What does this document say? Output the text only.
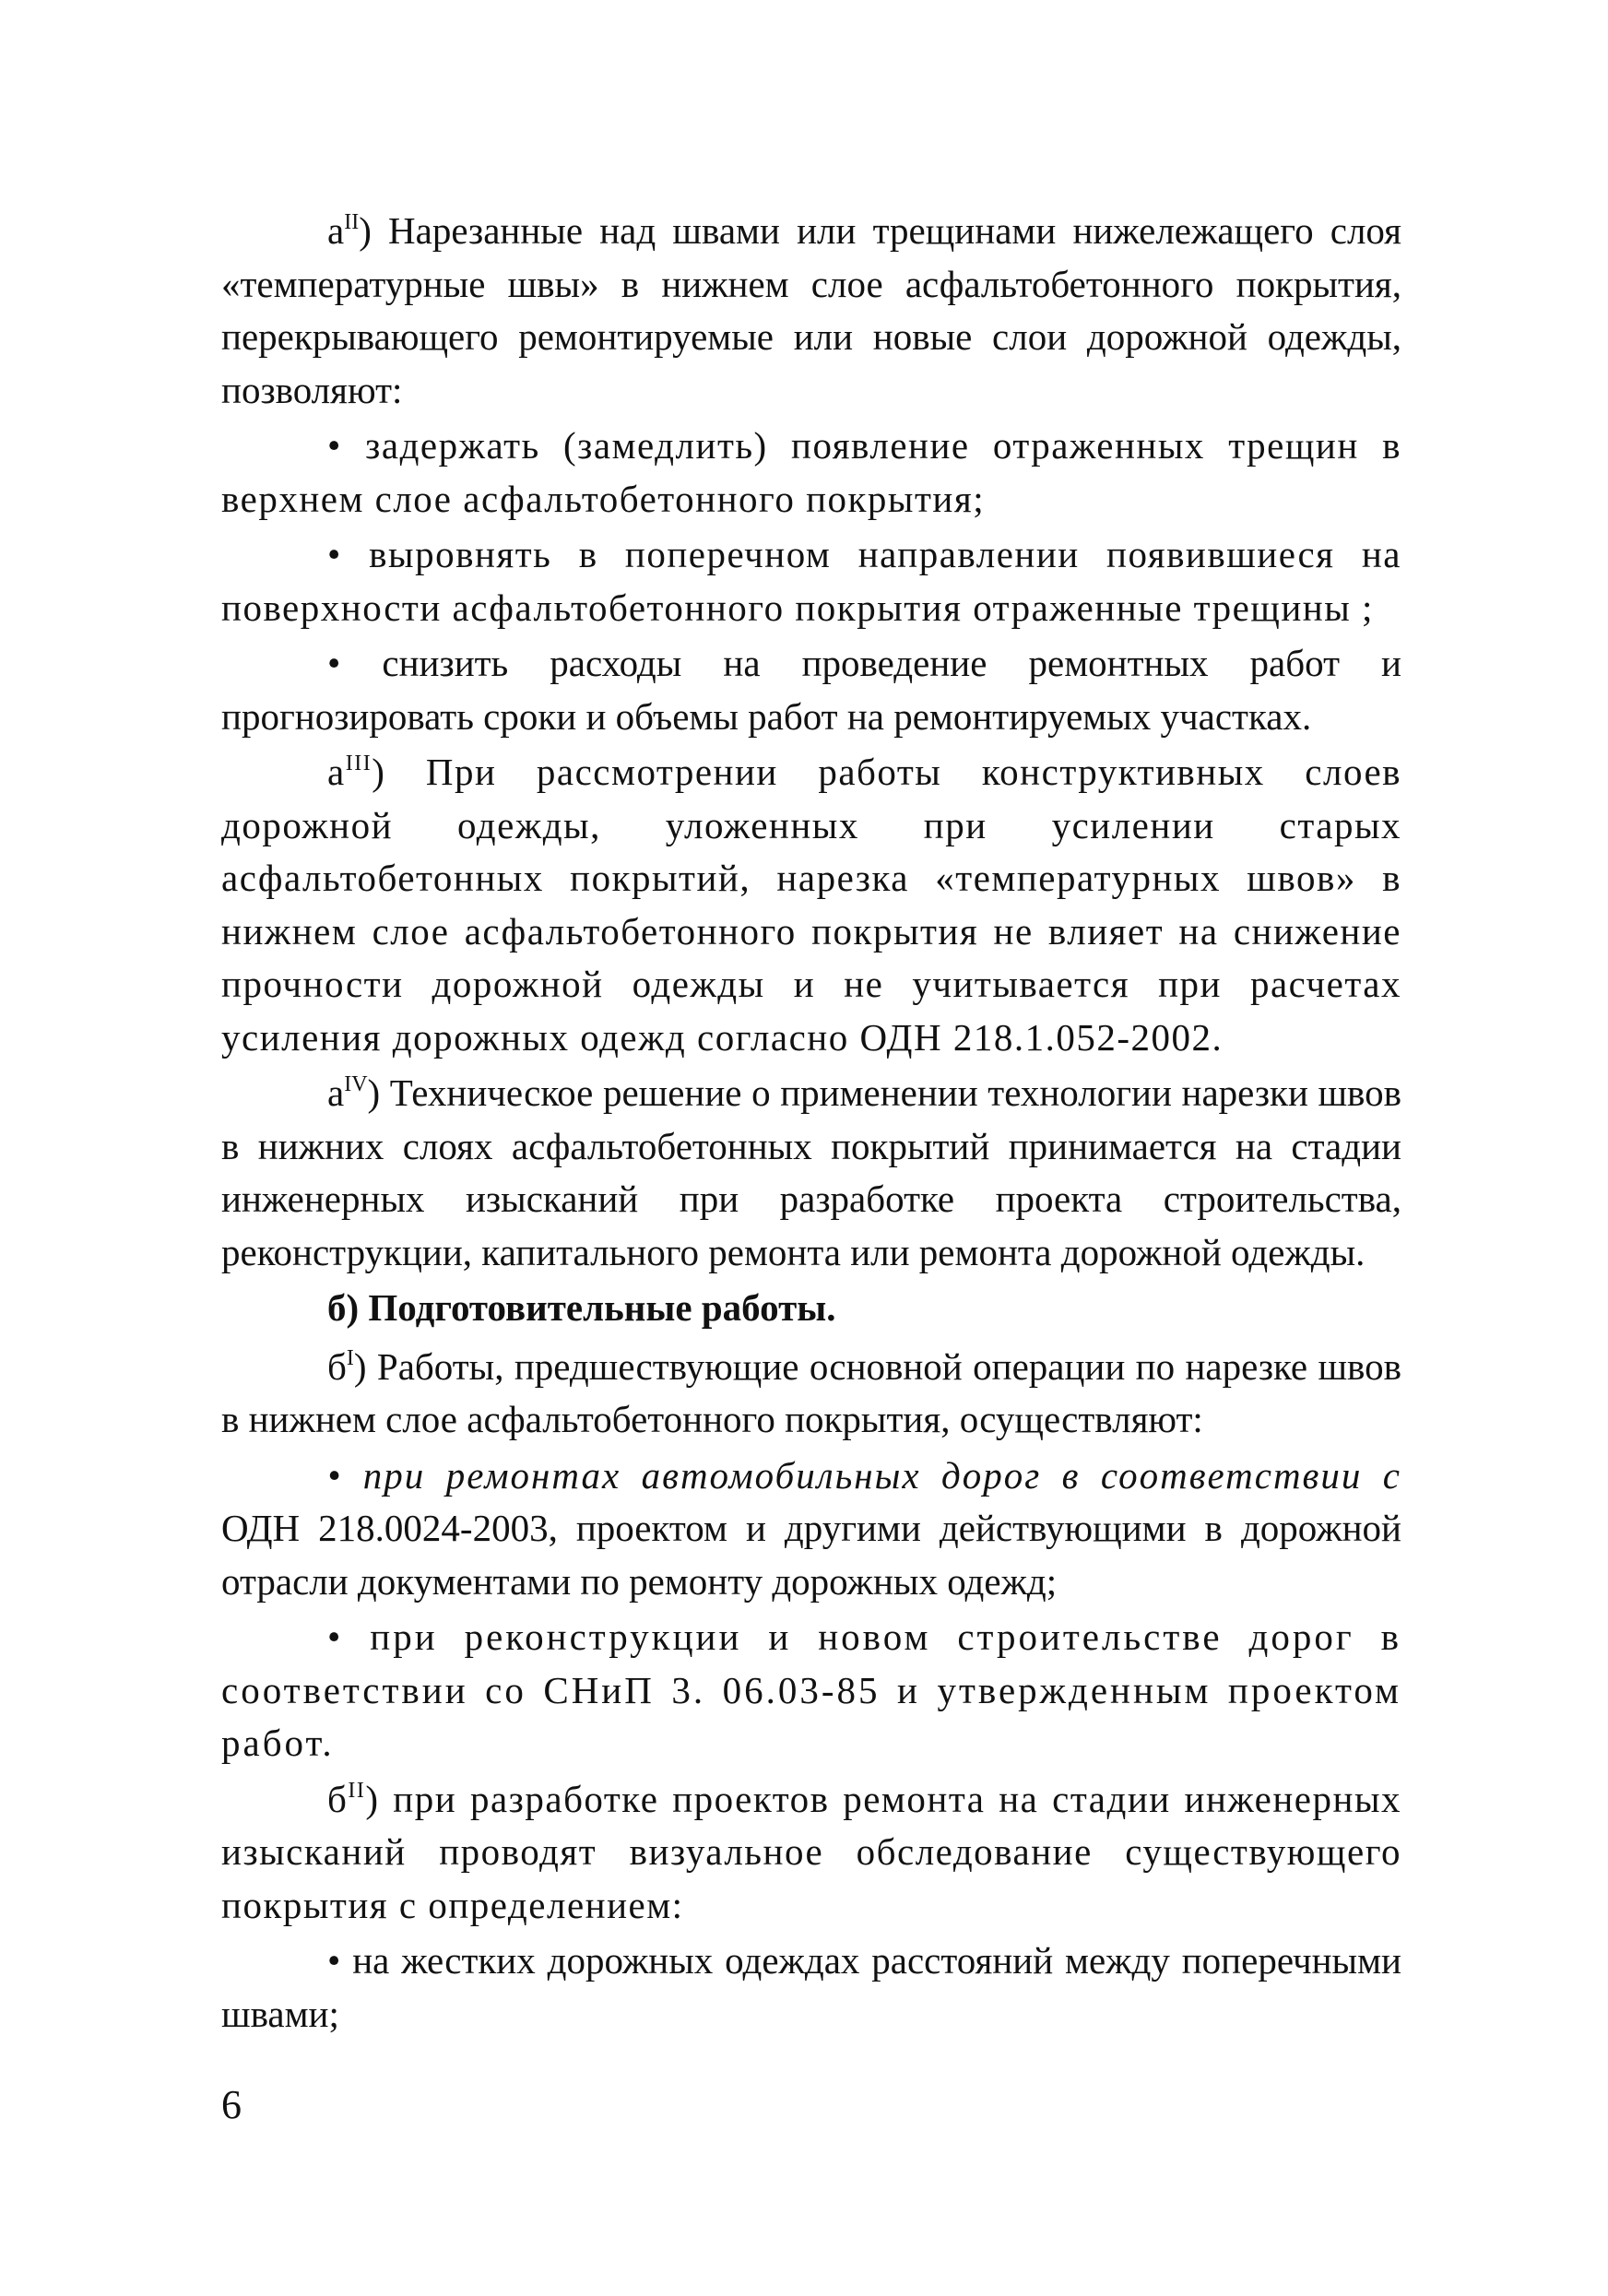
$а^{II}$) Нарезанные над швами или трещинами нижележащего слоя «температурные швы» в нижнем слое асфальтобетонного покрытия, перекрывающего ремонтируемые или новые слои дорожной одежды, позволяют:

• задержать (замедлить) появление отраженных трещин в верхнем слое асфальтобетонного покрытия;

• выровнять в поперечном направлении появившиеся на поверхности асфальтобетонного покрытия отраженные трещины ;

• снизить расходы на проведение ремонтных работ и прогнозировать сроки и объемы работ на ремонтируемых участках.

$а^{III}$) При рассмотрении работы конструктивных слоев дорожной одежды, уложенных при усилении старых асфальтобетонных покрытий, нарезка «температурных швов» в нижнем слое асфальтобетонного покрытия не влияет на снижение прочности дорожной одежды и не учитывается при расчетах усиления дорожных одежд согласно ОДН 218.1.052-2002.

$а^{IV}$) Техническое решение о применении технологии нарезки швов в нижних слоях асфальтобетонных покрытий принимается на стадии инженерных изысканий при разработке проекта строительства, реконструкции, капитального ремонта или ремонта дорожной одежды.

б) Подготовительные работы.

$б^I$) Работы, предшествующие основной операции по нарезке швов в нижнем слое асфальтобетонного покрытия, осуществляют:

• при ремонтах автомобильных дорог в соответствии с ОДН 218.0024-2003, проектом и другими действующими в дорожной отрасли документами по ремонту дорожных одежд;

• при реконструкции и новом строительстве дорог в соответствии со СНиП 3. 06.03-85 и утвержденным проектом работ.

$б^{II}$) при разработке проектов ремонта на стадии инженерных изысканий проводят визуальное обследование существующего покрытия с определением:

• на жестких дорожных одеждах расстояний между поперечными швами;

6
